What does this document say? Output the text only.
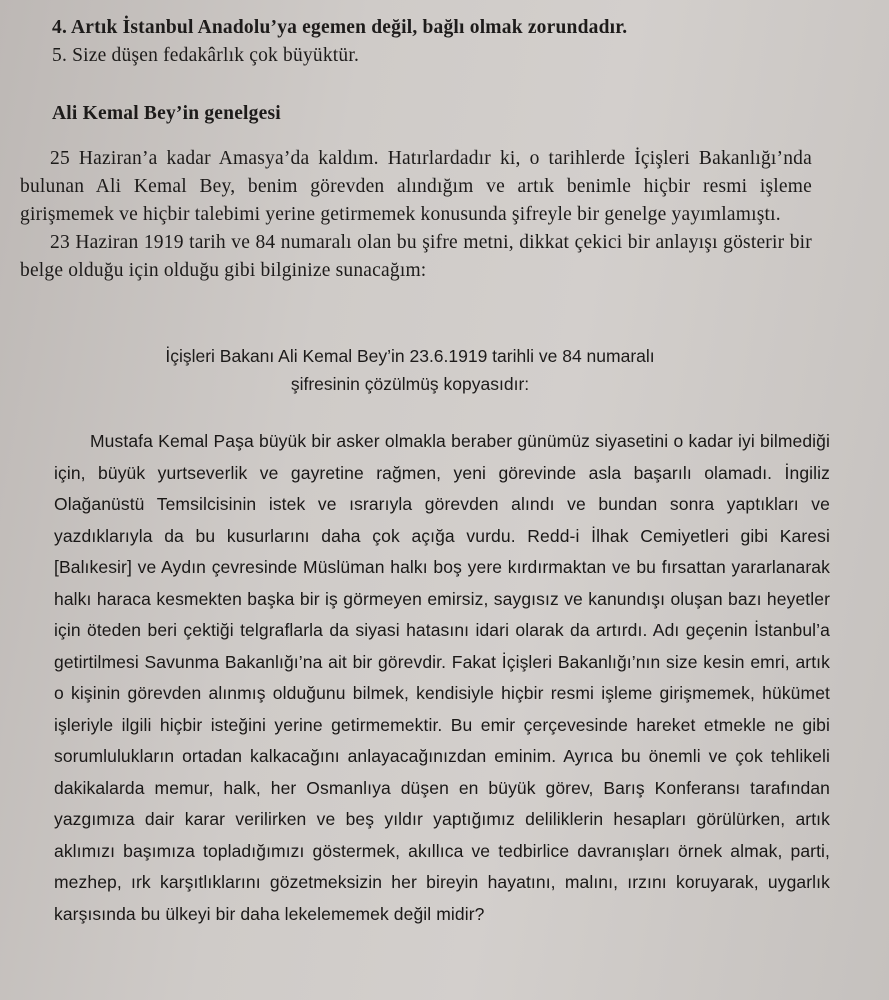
4. Artık İstanbul Anadolu’ya egemen değil, bağlı olmak zorundadır.

5. Size düşen fedakârlık çok büyüktür.

Ali Kemal Bey’in genelgesi

25 Haziran’a kadar Amasya’da kaldım. Hatırlardadır ki, o tarihlerde İçişleri Bakanlığı’nda bulunan Ali Kemal Bey, benim görevden alındığım ve artık benimle hiçbir resmi işleme girişmemek ve hiçbir talebimi yerine getirmemek konusunda şifreyle bir genelge yayımlamıştı.

23 Haziran 1919 tarih ve 84 numaralı olan bu şifre metni, dikkat çekici bir anlayışı gösterir bir belge olduğu için olduğu gibi bilginize sunacağım:

İçişleri Bakanı Ali Kemal Bey’in 23.6.1919 tarihli ve 84 numaralı
şifresinin çözülmüş kopyasıdır:

Mustafa Kemal Paşa büyük bir asker olmakla beraber günümüz siyasetini o kadar iyi bilmediği için, büyük yurtseverlik ve gayretine rağmen, yeni görevinde asla başarılı olamadı. İngiliz Olağanüstü Temsilcisinin istek ve ısrarıyla görevden alındı ve bundan sonra yaptıkları ve yazdıklarıyla da bu kusurlarını daha çok açığa vurdu. Redd-i İlhak Cemiyetleri gibi Karesi [Balıkesir] ve Aydın çevresinde Müslüman halkı boş yere kırdırmaktan ve bu fırsattan yararlanarak halkı haraca kesmekten başka bir iş görmeyen emirsiz, saygısız ve kanundışı oluşan bazı heyetler için öteden beri çektiği telgraflarla da siyasi hatasını idari olarak da artırdı. Adı geçenin İstanbul’a getirtilmesi Savunma Bakanlığı’na ait bir görevdir. Fakat İçişleri Bakanlığı’nın size kesin emri, artık o kişinin görevden alınmış olduğunu bilmek, kendisiyle hiçbir resmi işleme girişmemek, hükümet işleriyle ilgili hiçbir isteğini yerine getirmemektir. Bu emir çerçevesinde hareket etmekle ne gibi sorumlulukların ortadan kalkacağını anlayacağınızdan eminim. Ayrıca bu önemli ve çok tehlikeli dakikalarda memur, halk, her Osmanlıya düşen en büyük görev, Barış Konferansı tarafından yazgımıza dair karar verilirken ve beş yıldır yaptığımız deliliklerin hesapları görülürken, artık aklımızı başımıza topladığımızı göstermek, akıllıca ve tedbirlice davranışları örnek almak, parti, mezhep, ırk karşıtlıklarını gözetmeksizin her bireyin hayatını, malını, ırzını koruyarak, uygarlık karşısında bu ülkeyi bir daha lekelememek değil midir?
